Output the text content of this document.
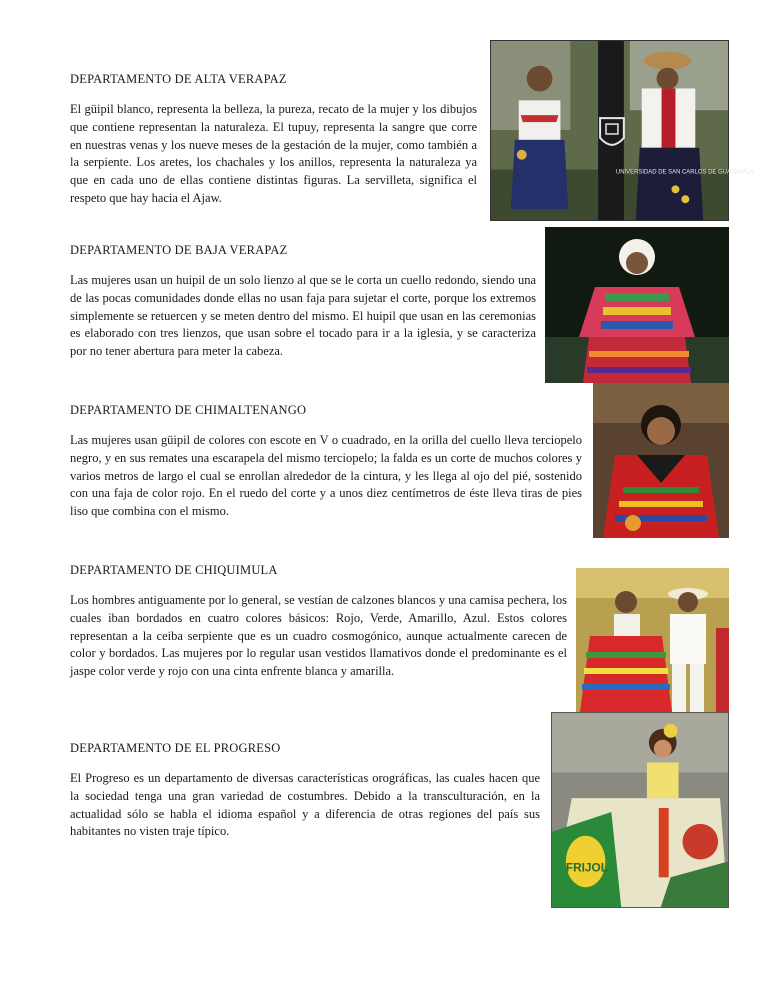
DEPARTAMENTO DE ALTA VERAPAZ

El güipil blanco, representa la belleza, la pureza, recato de la mujer y los dibujos que contiene representan la naturaleza. El tupuy, representa la sangre que corre en nuestras venas y los nueve meses de la gestación de la mujer, como también a la serpiente. Los aretes, los chachales y los anillos, representa la naturaleza ya que en cada uno de ellas contiene distintas figuras. La servilleta, significa el respeto que hay hacia el Ajaw.

DEPARTAMENTO DE BAJA VERAPAZ

Las mujeres usan un huipil de un solo lienzo al que se le corta un cuello redondo, siendo una de las pocas comunidades donde ellas no usan faja para sujetar el corte, porque los extremos simplemente se retuercen y se meten dentro del mismo. El huipil que usan en las ceremonias es elaborado con tres lienzos, que usan sobre el tocado para ir a la iglesia, y se caracteriza por no tener abertura para meter la cabeza.

DEPARTAMENTO DE CHIMALTENANGO

Las mujeres usan güipil de colores con escote en V o cuadrado, en la orilla del cuello lleva terciopelo negro, y en sus remates una escarapela del mismo terciopelo; la falda es un corte de muchos colores y varios metros de largo el cual se enrollan alrededor de la cintura, y les llega al ojo del pié, sostenido con una faja de color rojo. En el ruedo del corte y a unos diez centímetros de éste lleva tiras de pies liso que combina con el mismo.

DEPARTAMENTO DE CHIQUIMULA

Los hombres antiguamente por lo general, se vestían de calzones blancos y una camisa pechera, los cuales iban bordados en cuatro colores básicos: Rojo, Verde, Amarillo, Azul. Estos colores representan a la ceiba serpiente que es un cuadro cosmogónico, aunque actualmente carecen de color y bordados. Las mujeres por lo regular usan vestidos llamativos donde el predominante es el jaspe color verde y rojo con una cinta enfrente blanca y amarilla.

DEPARTAMENTO DE EL PROGRESO

El Progreso es un departamento de diversas características orográficas, las cuales hacen que la sociedad tenga una gran variedad de costumbres. Debido a la transculturación, en la actualidad sólo se habla el idioma español y a diferencia de otras regiones del país sus habitantes no visten traje típico.

UNIVERSIDAD DE SAN CARLOS DE GUATEMALA
FRIJOL
